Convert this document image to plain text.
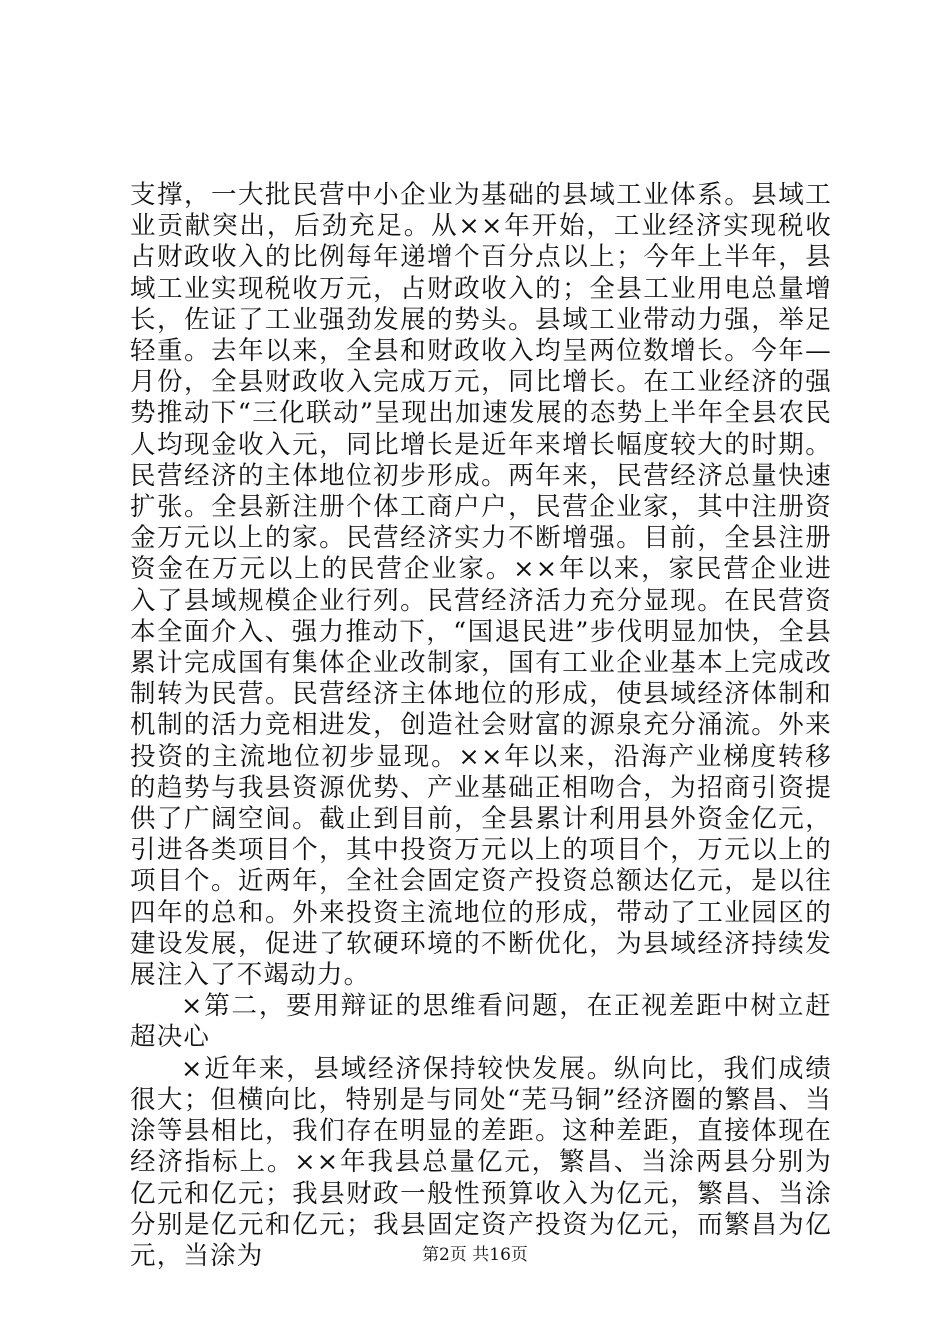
支撑，一大批民营中小企业为基础的县域工业体系。县域工业贡献突出，后劲充足。从××年开始，工业经济实现税收占财政收入的比例每年递增个百分点以上；今年上半年，县域工业实现税收万元，占财政收入的；全县工业用电总量增长，佐证了工业强劲发展的势头。县域工业带动力强，举足轻重。去年以来，全县和财政收入均呈两位数增长。今年—月份，全县财政收入完成万元，同比增长。在工业经济的强势推动下“三化联动”呈现出加速发展的态势上半年全县农民人均现金收入元，同比增长是近年来增长幅度较大的时期。民营经济的主体地位初步形成。两年来，民营经济总量快速扩张。全县新注册个体工商户户，民营企业家，其中注册资金万元以上的家。民营经济实力不断增强。目前，全县注册资金在万元以上的民营企业家。××年以来，家民营企业进入了县域规模企业行列。民营经济活力充分显现。在民营资本全面介入、强力推动下，“国退民进”步伐明显加快，全县累计完成国有集体企业改制家，国有工业企业基本上完成改制转为民营。民营经济主体地位的形成，使县域经济体制和机制的活力竞相进发，创造社会财富的源泉充分涌流。外来投资的主流地位初步显现。××年以来，沿海产业梯度转移的趋势与我县资源优势、产业基础正相吻合，为招商引资提供了广阔空间。截止到目前，全县累计利用县外资金亿元，引进各类项目个，其中投资万元以上的项目个，万元以上的项目个。近两年，全社会固定资产投资总额达亿元，是以往四年的总和。外来投资主流地位的形成，带动了工业园区的建设发展，促进了软硬环境的不断优化，为县域经济持续发展注入了不竭动力。

×第二，要用辩证的思维看问题，在正视差距中树立赶超决心

×近年来，县域经济保持较快发展。纵向比，我们成绩很大；但横向比，特别是与同处“芜马铜”经济圈的繁昌、当涂等县相比，我们存在明显的差距。这种差距，直接体现在经济指标上。××年我县总量亿元，繁昌、当涂两县分别为亿元和亿元；我县财政一般性预算收入为亿元，繁昌、当涂分别是亿元和亿元；我县固定资产投资为亿元，而繁昌为亿元，当涂为	第2页 共16页
